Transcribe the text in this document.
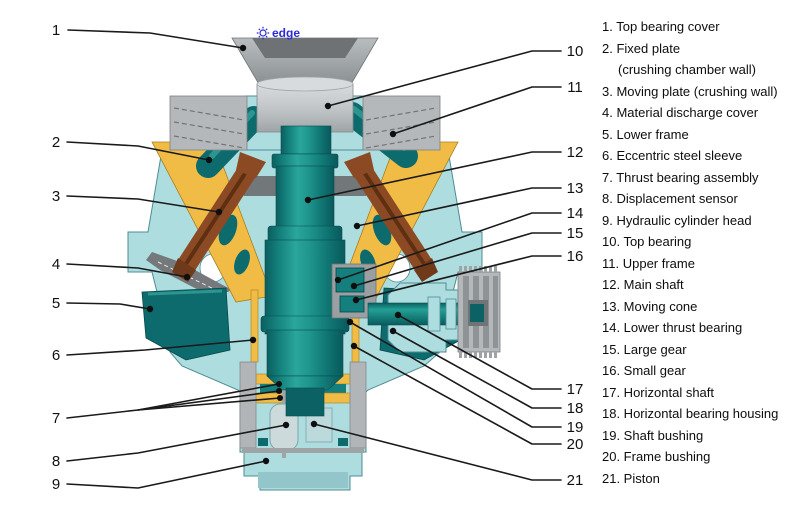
1
2
3
4
5
6
7
8
9
10
11
12
13
14
15
16
17
18
19
20
21
edge	1. Top bearing cover
2. Fixed plate
(crushing chamber wall)
3. Moving plate (crushing wall)
4. Material discharge cover
5. Lower frame
6. Eccentric steel sleeve
7. Thrust bearing assembly
8. Displacement sensor
9. Hydraulic cylinder head
10. Top bearing
11. Upper frame
12. Main shaft
13. Moving cone
14. Lower thrust bearing
15. Large gear
16. Small gear
17. Horizontal shaft
18. Horizontal bearing housing
19. Shaft bushing
20. Frame bushing
21. Piston
